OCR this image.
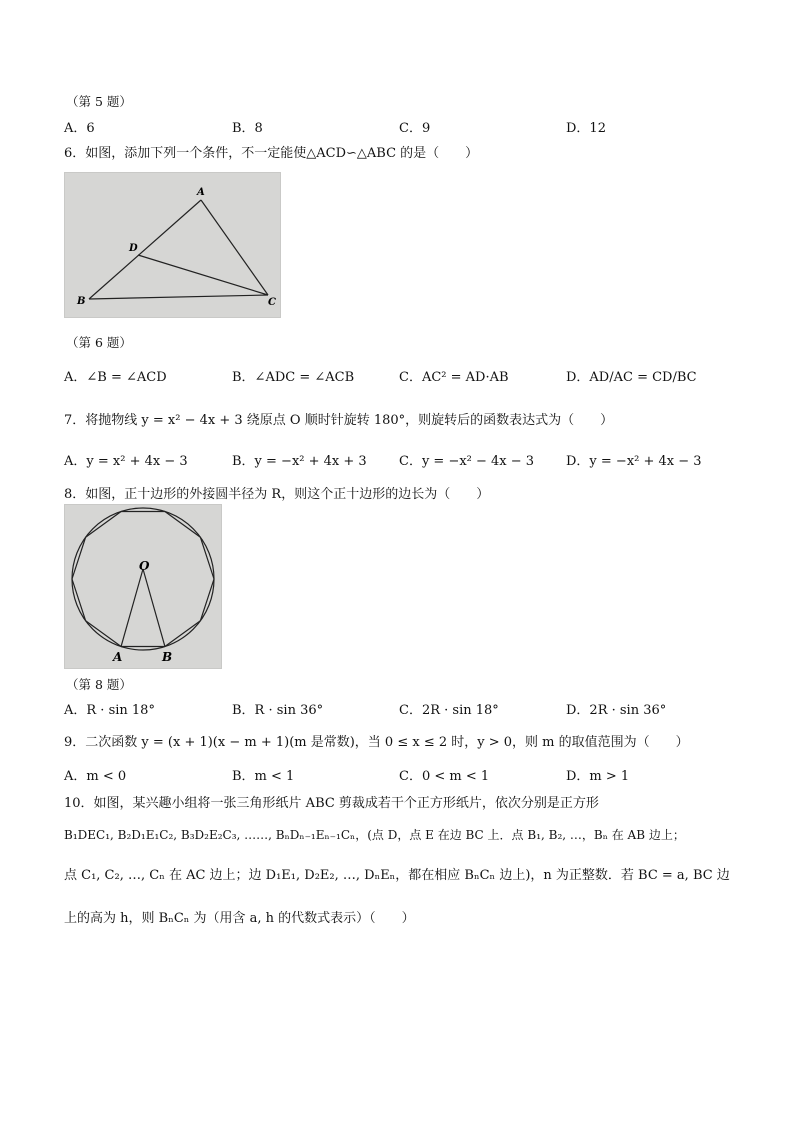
（第 5 题）
A．6	B．8	C．9	D．12
6．如图，添加下列一个条件，不一定能使△ACD∽△ABC 的是（　　）
A
D
B	C
（第 6 题）
A．∠B = ∠ACD	B．∠ADC = ∠ACB	C．AC² = AD·AB	D．AD/AC = CD/BC
7．将抛物线 y = x² − 4x + 3 绕原点 O 顺时针旋转 180°，则旋转后的函数表达式为（　　）
A．y = x² + 4x − 3	B．y = −x² + 4x + 3 C．y = −x² − 4x − 3 D．y = −x² + 4x − 3
8．如图，正十边形的外接圆半径为 R，则这个正十边形的边长为（　　）
O
A	B
（第 8 题）
A．R · sin 18°	B．R · sin 36°	C．2R · sin 18°	D．2R · sin 36°
9．二次函数 y = (x + 1)(x − m + 1)(m 是常数)，当 0 ≤ x ≤ 2 时，y > 0，则 m 的取值范围为（　　）
A．m < 0	B．m < 1	C．0 < m < 1	D．m > 1
10．如图，某兴趣小组将一张三角形纸片 ABC 剪裁成若干个正方形纸片，依次分别是正方形
B₁DEC₁, B₂D₁E₁C₂, B₃D₂E₂C₃, ……, BₙDₙ₋₁Eₙ₋₁Cₙ，(点 D，点 E 在边 BC 上．点 B₁, B₂, …，Bₙ 在 AB 边上；
点 C₁, C₂, …, Cₙ 在 AC 边上；边 D₁E₁, D₂E₂, …, DₙEₙ，都在相应 BₙCₙ 边上)，n 为正整数．若 BC = a, BC 边
上的高为 h，则 BₙCₙ 为（用含 a, h 的代数式表示）（　　）
